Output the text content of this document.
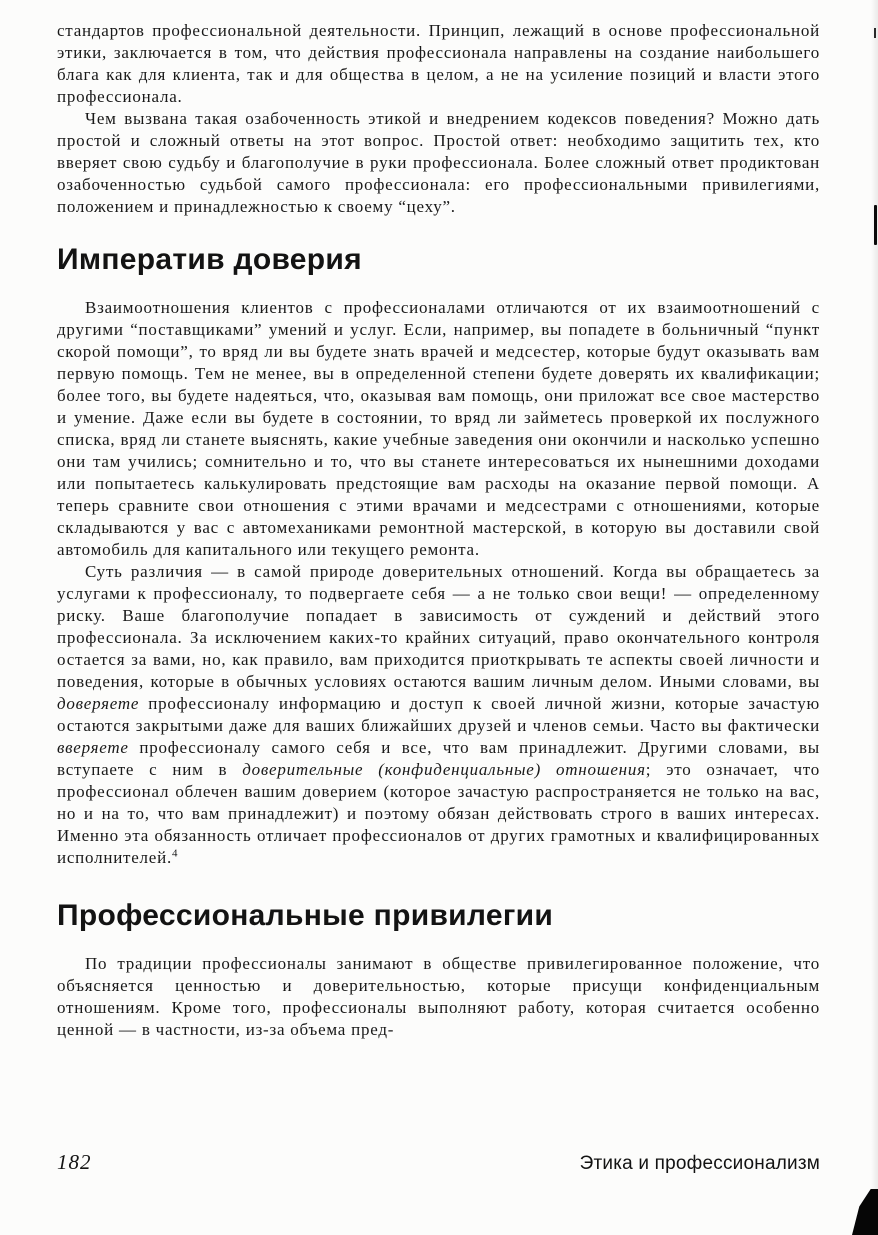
стандартов профессиональной деятельности. Принцип, лежащий в основе профессиональной этики, заключается в том, что действия профессионала направлены на создание наибольшего блага как для клиента, так и для общества в целом, а не на усиление позиций и власти этого профессионала.

Чем вызвана такая озабоченность этикой и внедрением кодексов поведения? Можно дать простой и сложный ответы на этот вопрос. Простой ответ: необходимо защитить тех, кто вверяет свою судьбу и благополучие в руки профессионала. Более сложный ответ продиктован озабоченностью судьбой самого профессионала: его профессиональными привилегиями, положением и принадлежностью к своему “цеху”.

Императив доверия

Взаимоотношения клиентов с профессионалами отличаются от их взаимоотношений с другими “поставщиками” умений и услуг. Если, например, вы попадете в больничный “пункт скорой помощи”, то вряд ли вы будете знать врачей и медсестер, которые будут оказывать вам первую помощь. Тем не менее, вы в определенной степени будете доверять их квалификации; более того, вы будете надеяться, что, оказывая вам помощь, они приложат все свое мастерство и умение. Даже если вы будете в состоянии, то вряд ли займетесь проверкой их послужного списка, вряд ли станете выяснять, какие учебные заведения они окончили и насколько успешно они там учились; сомнительно и то, что вы станете интересоваться их нынешними доходами или попытаетесь калькулировать предстоящие вам расходы на оказание первой помощи. А теперь сравните свои отношения с этими врачами и медсестрами с отношениями, которые складываются у вас с автомеханиками ремонтной мастерской, в которую вы доставили свой автомобиль для капитального или текущего ремонта.

Суть различия — в самой природе доверительных отношений. Когда вы обращаетесь за услугами к профессионалу, то подвергаете себя — а не только свои вещи! — определенному риску. Ваше благополучие попадает в зависимость от суждений и действий этого профессионала. За исключением каких-то крайних ситуаций, право окончательного контроля остается за вами, но, как правило, вам приходится приоткрывать те аспекты своей личности и поведения, которые в обычных условиях остаются вашим личным делом. Иными словами, вы доверяете профессионалу информацию и доступ к своей личной жизни, которые зачастую остаются закрытыми даже для ваших ближайших друзей и членов семьи. Часто вы фактически вверяете профессионалу самого себя и все, что вам принадлежит. Другими словами, вы вступаете с ним в доверительные (конфиденциальные) отношения; это означает, что профессионал облечен вашим доверием (которое зачастую распространяется не только на вас, но и на то, что вам принадлежит) и поэтому обязан действовать строго в ваших интересах. Именно эта обязанность отличает профессионалов от других грамотных и квалифицированных исполнителей.$^4$

Профессиональные привилегии

По традиции профессионалы занимают в обществе привилегированное положение, что объясняется ценностью и доверительностью, которые присущи конфиденциальным отношениям. Кроме того, профессионалы выполняют работу, которая считается особенно ценной — в частности, из-за объема пред-

182	Этика и профессионализм
